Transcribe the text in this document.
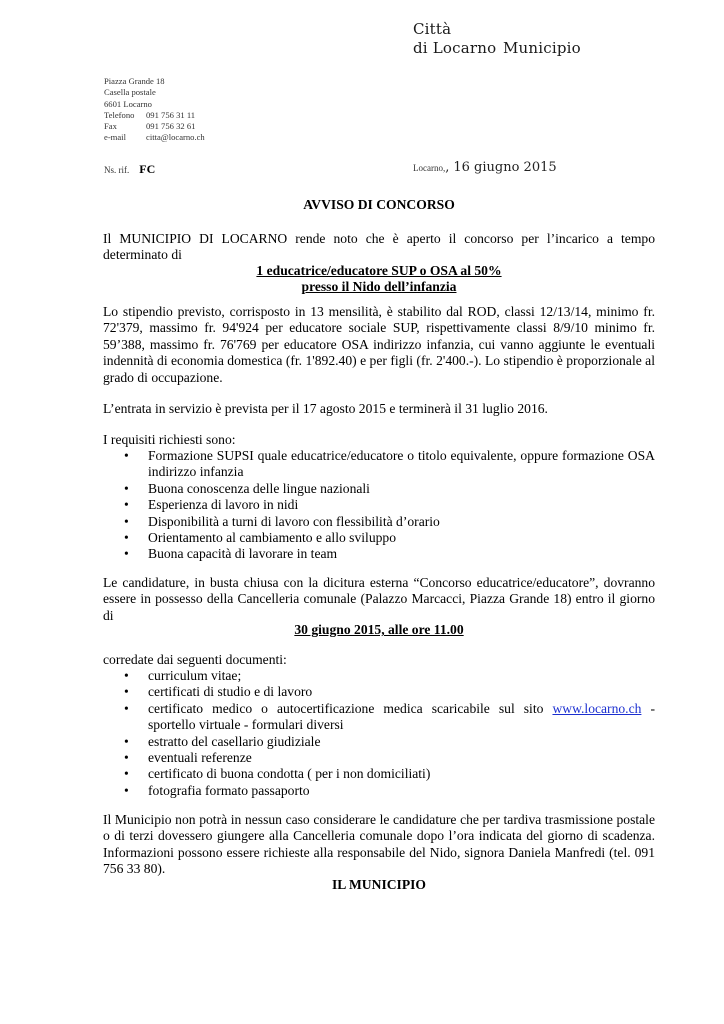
Città
di Locarno Municipio
Piazza Grande 18
Casella postale
6601 Locarno
Telefono 091 756 31 11
Fax	091 756 32 61
e-mail citta@locarno.ch
Ns. rif. FC	Locarno,, 16 giugno 2015
AVVISO DI CONCORSO
Il MUNICIPIO DI LOCARNO rende noto che è aperto il concorso per l’incarico a tempo determinato di
1 educatrice/educatore SUP o OSA al 50%
presso il Nido dell’infanzia
Lo stipendio previsto, corrisposto in 13 mensilità, è stabilito dal ROD, classi 12/13/14, minimo fr. 72'379, massimo fr. 94'924 per educatore sociale SUP, rispettivamente classi 8/9/10 minimo fr. 59’388, massimo fr. 76'769 per educatore OSA indirizzo infanzia, cui vanno aggiunte le eventuali indennità di economia domestica (fr. 1'892.40) e per figli (fr. 2'400.-). Lo stipendio è proporzionale al grado di occupazione.
L’entrata in servizio è prevista per il 17 agosto 2015 e terminerà il 31 luglio 2016.
I requisiti richiesti sono:
• Formazione SUPSI quale educatrice/educatore o titolo equivalente, oppure formazione OSA indirizzo infanzia
• Buona conoscenza delle lingue nazionali
• Esperienza di lavoro in nidi
• Disponibilità a turni di lavoro con flessibilità d’orario
• Orientamento al cambiamento e allo sviluppo
• Buona capacità di lavorare in team
Le candidature, in busta chiusa con la dicitura esterna “Concorso educatrice/educatore”, dovranno essere in possesso della Cancelleria comunale (Palazzo Marcacci, Piazza Grande 18) entro il giorno di
30 giugno 2015, alle ore 11.00
corredate dai seguenti documenti:
• curriculum vitae;
• certificati di studio e di lavoro
• certificato medico o autocertificazione medica scaricabile sul sito www.locarno.ch - sportello virtuale - formulari diversi
• estratto del casellario giudiziale
• eventuali referenze
• certificato di buona condotta ( per i non domiciliati)
• fotografia formato passaporto
Il Municipio non potrà in nessun caso considerare le candidature che per tardiva trasmissione postale o di terzi dovessero giungere alla Cancelleria comunale dopo l’ora indicata del giorno di scadenza. Informazioni possono essere richieste alla responsabile del Nido, signora Daniela Manfredi (tel. 091 756 33 80).
IL MUNICIPIO
